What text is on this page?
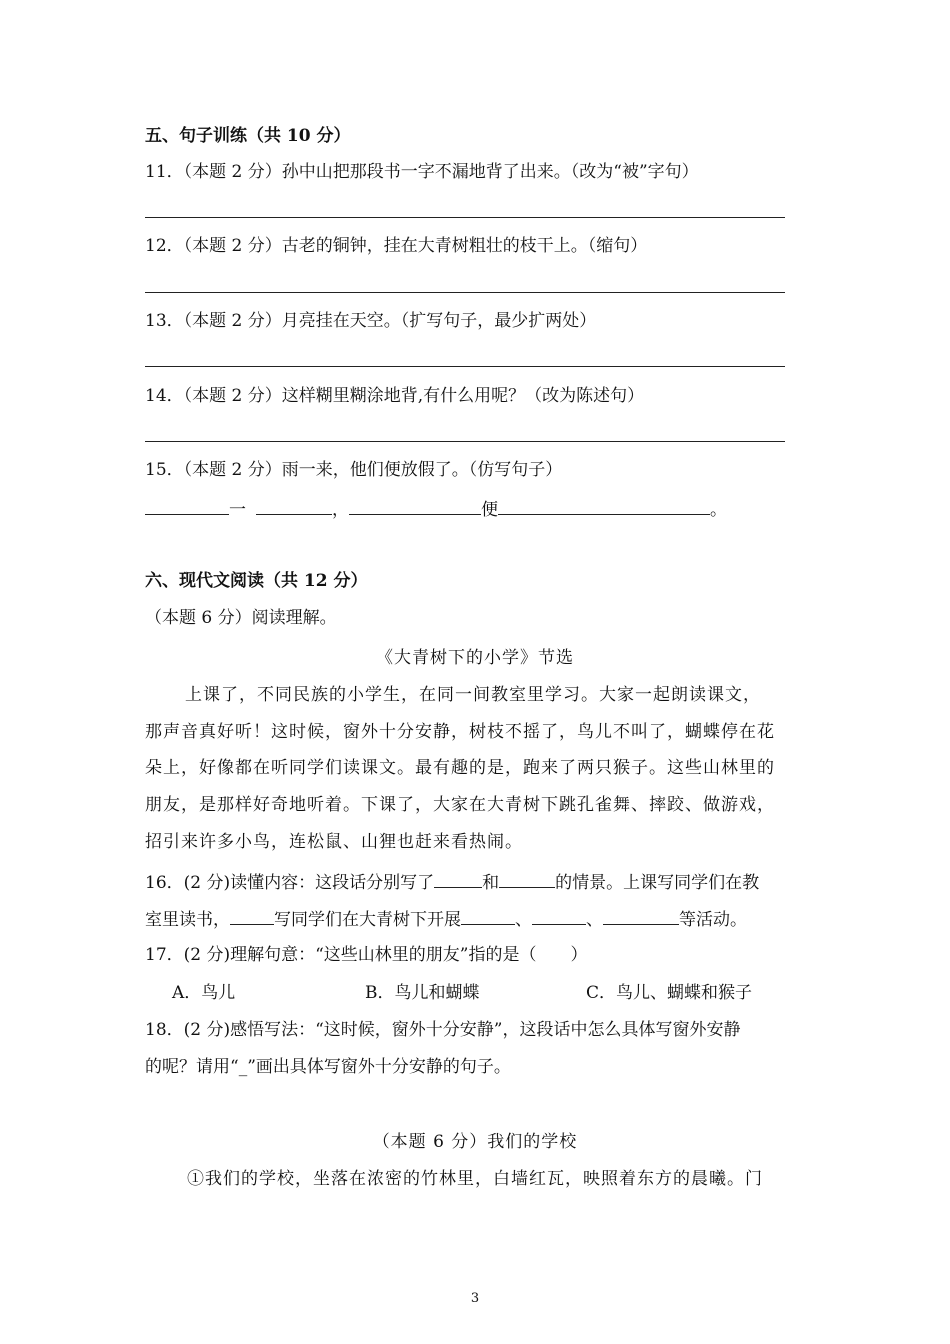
五、句子训练（共 10 分）
11．（本题 2 分）孙中山把那段书一字不漏地背了出来。（改为“被”字句）
12．（本题 2 分）古老的铜钟，挂在大青树粗壮的枝干上。（缩句）
13．（本题 2 分）月亮挂在天空。（扩写句子，最少扩两处）
14．（本题 2 分）这样糊里糊涂地背,有什么用呢？（改为陈述句）
15．（本题 2 分）雨一来，他们便放假了。（仿写句子）
一	，	便	。
六、现代文阅读（共 12 分）
（本题 6 分）阅读理解。
《大青树下的小学》节选
上课了，不同民族的小学生，在同一间教室里学习。大家一起朗读课文，
那声音真好听！这时候，窗外十分安静，树枝不摇了，鸟儿不叫了，蝴蝶停在花
朵上，好像都在听同学们读课文。最有趣的是，跑来了两只猴子。这些山林里的
朋友，是那样好奇地听着。下课了，大家在大青树下跳孔雀舞、摔跤、做游戏，
招引来许多小鸟，连松鼠、山狸也赶来看热闹。
16．(2 分)读懂内容：这段话分别写了	和	的情景。上课写同学们在教
室里读书，	写同学们在大青树下开展	、	、	等活动。
17．(2 分)理解句意：“这些山林里的朋友”指的是（　　）
A．鸟儿	B．鸟儿和蝴蝶	C．鸟儿、蝴蝶和猴子
18．(2 分)感悟写法：“这时候，窗外十分安静”，这段话中怎么具体写窗外安静
的呢？请用“_”画出具体写窗外十分安静的句子。
（本题 6 分）我们的学校
①我们的学校，坐落在浓密的竹林里，白墙红瓦，映照着东方的晨曦。门
3
